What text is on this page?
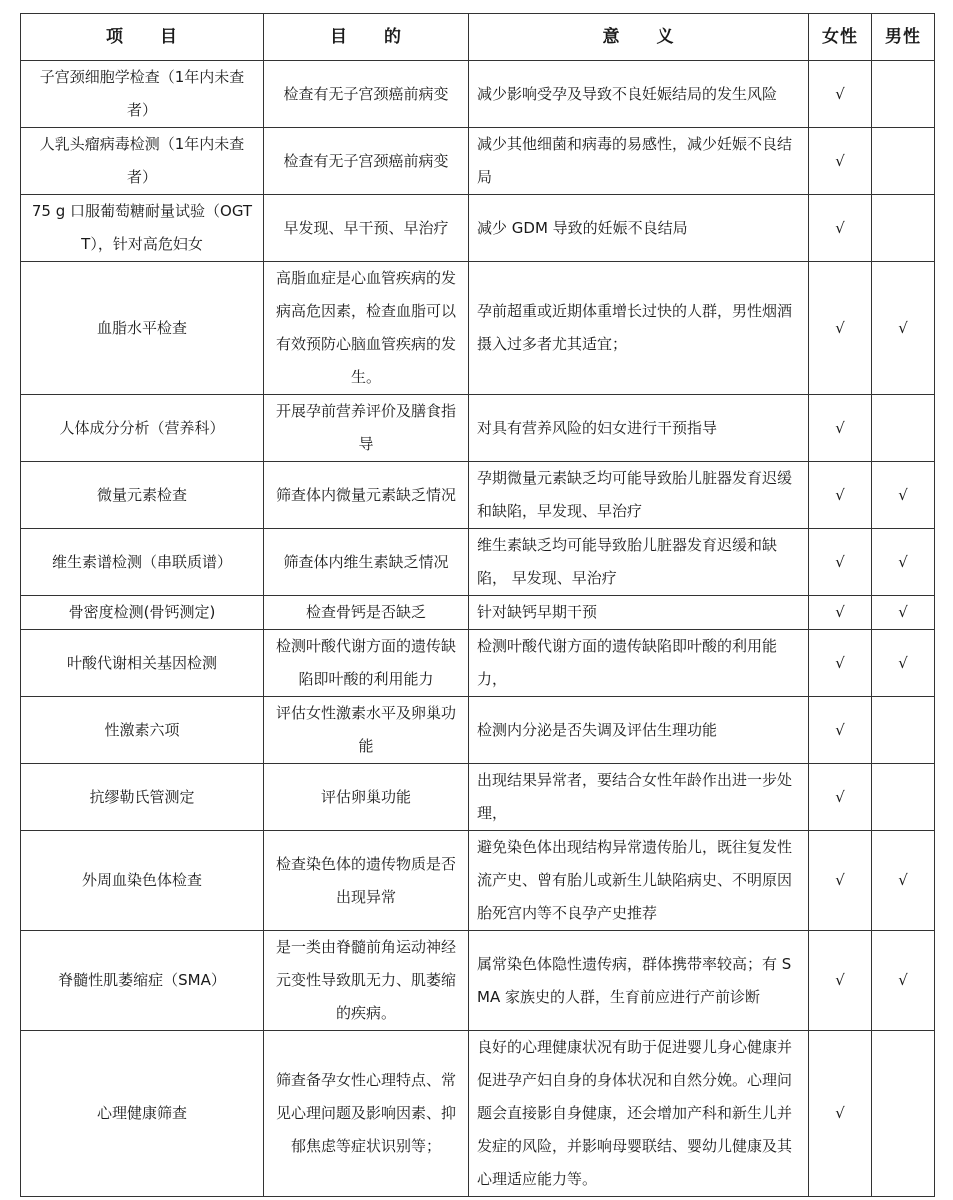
项　　目	目　　的	意　　义	女性	男性
子宫颈细胞学检查（1年内未查者）	检查有无子宫颈癌前病变	减少影响受孕及导致不良妊娠结局的发生风险	√	
人乳头瘤病毒检测（1年内未查者）	检查有无子宫颈癌前病变	减少其他细菌和病毒的易感性，减少妊娠不良结局	√	
75 g 口服葡萄糖耐量试验（OGTT），针对高危妇女	早发现、早干预、早治疗	减少 GDM 导致的妊娠不良结局	√	
血脂水平检查	高脂血症是心血管疾病的发病高危因素，检查血脂可以有效预防心脑血管疾病的发生。	孕前超重或近期体重增长过快的人群，男性烟酒摄入过多者尤其适宜；	√	√
人体成分分析（营养科）	开展孕前营养评价及膳食指导	对具有营养风险的妇女进行干预指导	√	
微量元素检查	筛查体内微量元素缺乏情况	孕期微量元素缺乏均可能导致胎儿脏器发育迟缓和缺陷，早发现、早治疗	√	√
维生素谱检测（串联质谱）	筛查体内维生素缺乏情况	维生素缺乏均可能导致胎儿脏器发育迟缓和缺陷， 早发现、早治疗	√	√
骨密度检测(骨钙测定)	检查骨钙是否缺乏	针对缺钙早期干预	√	√
叶酸代谢相关基因检测	检测叶酸代谢方面的遗传缺陷即叶酸的利用能力	检测叶酸代谢方面的遗传缺陷即叶酸的利用能力，	√	√
性激素六项	评估女性激素水平及卵巢功能	检测内分泌是否失调及评估生理功能	√	
抗缪勒氏管测定	评估卵巢功能	出现结果异常者，要结合女性年龄作出进一步处理，	√	
外周血染色体检查	检查染色体的遗传物质是否出现异常	避免染色体出现结构异常遗传胎儿，既往复发性流产史、曾有胎儿或新生儿缺陷病史、不明原因胎死宫内等不良孕产史推荐	√	√
脊髓性肌萎缩症（SMA）	是一类由脊髓前角运动神经元变性导致肌无力、肌萎缩的疾病。	属常染色体隐性遗传病，群体携带率较高；有 SMA 家族史的人群，生育前应进行产前诊断	√	√
心理健康筛查	筛查备孕女性心理特点、常见心理问题及影响因素、抑郁焦虑等症状识别等；	良好的心理健康状况有助于促进婴儿身心健康并促进孕产妇自身的身体状况和自然分娩。心理问题会直接影自身健康，还会增加产科和新生儿并发症的风险，并影响母婴联结、婴幼儿健康及其心理适应能力等。	√	
